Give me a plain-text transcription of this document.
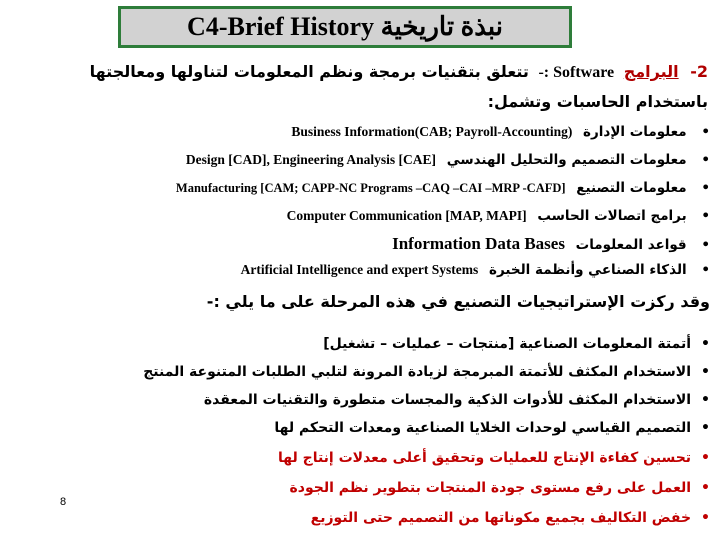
C4-Brief History نبذة تاريخية
2- البرامج -: Software تتعلق بتقنيات برمجة ونظم المعلومات لتناولها ومعالجتها
باستخدام الحاسبات وتشمل:
• معلومات الإدارة Business Information(CAB; Payroll-Accounting)
• معلومات التصميم والتحليل الهندسي Design [CAD], Engineering Analysis [CAE]
• معلومات التصنيع Manufacturing [CAM; CAPP-NC Programs –CAQ –CAI –MRP -CAFD]
• برامج اتصالات الحاسب Computer Communication [MAP, MAPI]
• قواعد المعلومات Information Data Bases
• الذكاء الصناعي وأنظمة الخبرة Artificial Intelligence and expert Systems
وقد ركزت الإستراتيجيات التصنيع في هذه المرحلة على ما يلي :-
•أتمتة المعلومات الصناعية [منتجات – عمليات – تشغيل]
•الاستخدام المكثف للأتمتة المبرمجة لزيادة المرونة لتلبي الطلبات المتنوعة المنتج
•الاستخدام المكثف للأدوات الذكية والمجسات متطورة والتقنيات المعقدة
•التصميم القياسي لوحدات الخلايا الصناعية ومعدات التحكم لها
•تحسين كفاءة الإنتاج للعمليات وتحقيق أعلى معدلات إنتاج لها
•العمل على رفع مستوى جودة المنتجات بتطوير نظم الجودة
•خفض التكاليف بجميع مكوناتها من التصميم حتى التوزيع
8
